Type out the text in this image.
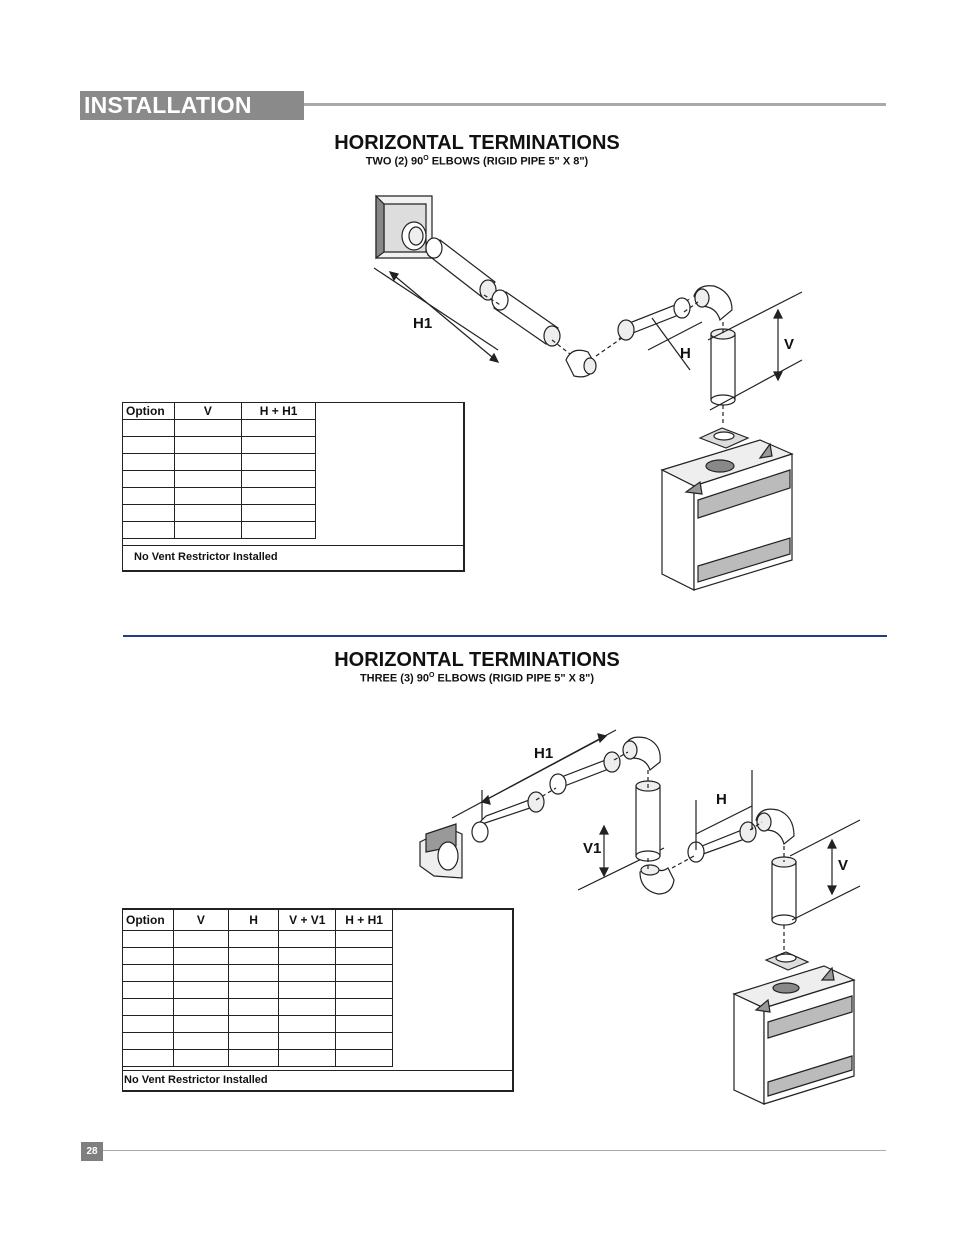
INSTALLATION
HORIZONTAL TERMINATIONS
TWO (2) $90^O$ ELBOWS (RIGID PIPE 5" X 8")
H1
H
V
Option	V	H + H1

No Vent Restrictor Installed
HORIZONTAL TERMINATIONS
THREE (3) $90^O$ ELBOWS (RIGID PIPE 5" X 8")
H1
H
V1
V
Option	V	H	V + V1	H + H1

No Vent Restrictor Installed
28
